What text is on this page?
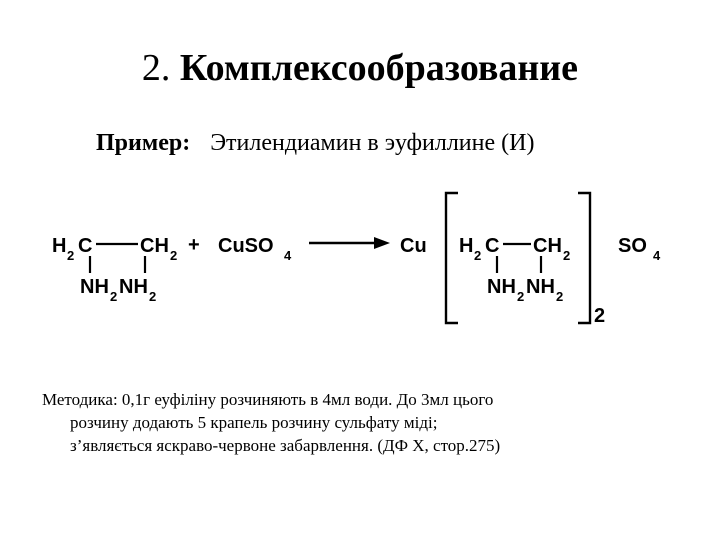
2. Комплексообразование
Пример: Этилендиамин в эуфиллине (И)
H 2 C CH 2
NH 2 NH 2
+ CuSO 4	Cu H 2 C CH 2
NH 2 NH 2
2
SO 4
Методика: 0,1г еуфіліну розчиняють в 4мл води. До 3мл цього
розчину додають 5 крапель розчину сульфату міді;
з’являється яскраво-червоне забарвлення. (ДФ Х, стор.275)
